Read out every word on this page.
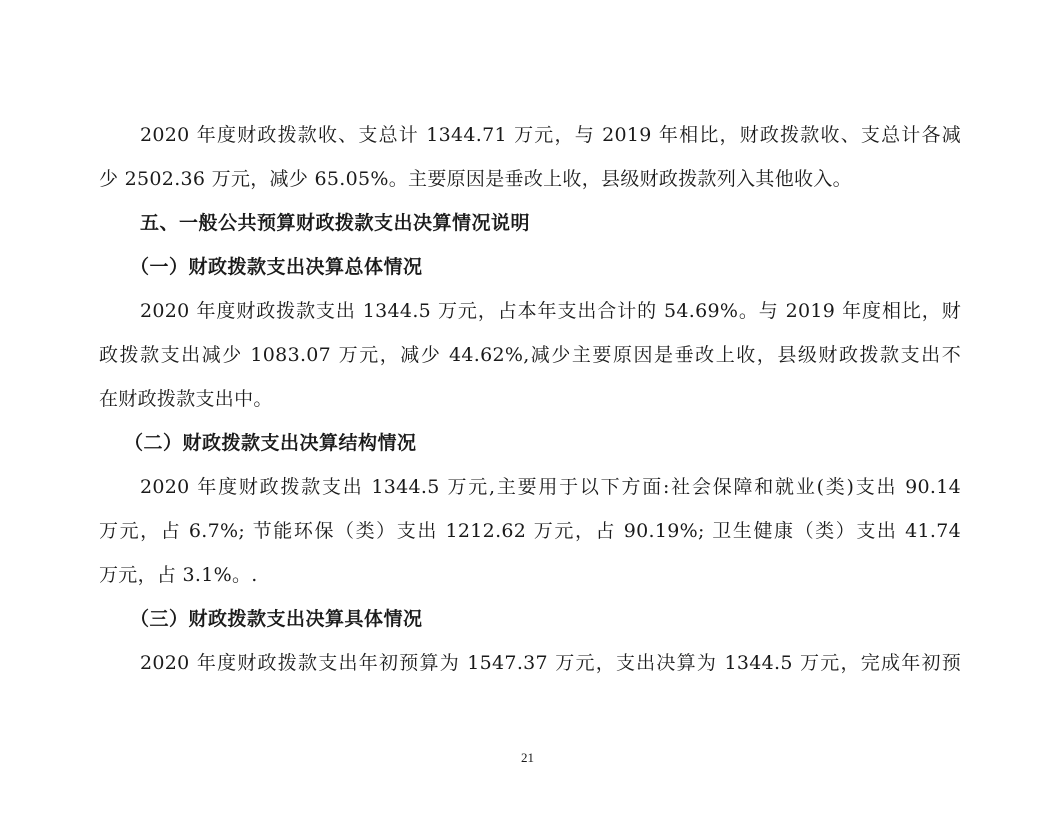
2020 年度财政拨款收、支总计 1344.71 万元，与 2019 年相比，财政拨款收、支总计各减

少 2502.36 万元，减少 65.05%。主要原因是垂改上收，县级财政拨款列入其他收入。

五、一般公共预算财政拨款支出决算情况说明

（一）财政拨款支出决算总体情况

2020 年度财政拨款支出 1344.5 万元，占本年支出合计的 54.69%。与 2019 年度相比，财

政拨款支出减少 1083.07 万元，减少 44.62%,减少主要原因是垂改上收，县级财政拨款支出不

在财政拨款支出中。

（二）财政拨款支出决算结构情况

2020 年度财政拨款支出 1344.5 万元,主要用于以下方面:社会保障和就业(类)支出 90.14

万元，占 6.7%; 节能环保（类）支出 1212.62 万元，占 90.19%; 卫生健康（类）支出 41.74

万元，占 3.1%。.

（三）财政拨款支出决算具体情况

2020 年度财政拨款支出年初预算为 1547.37 万元，支出决算为 1344.5 万元，完成年初预

21
